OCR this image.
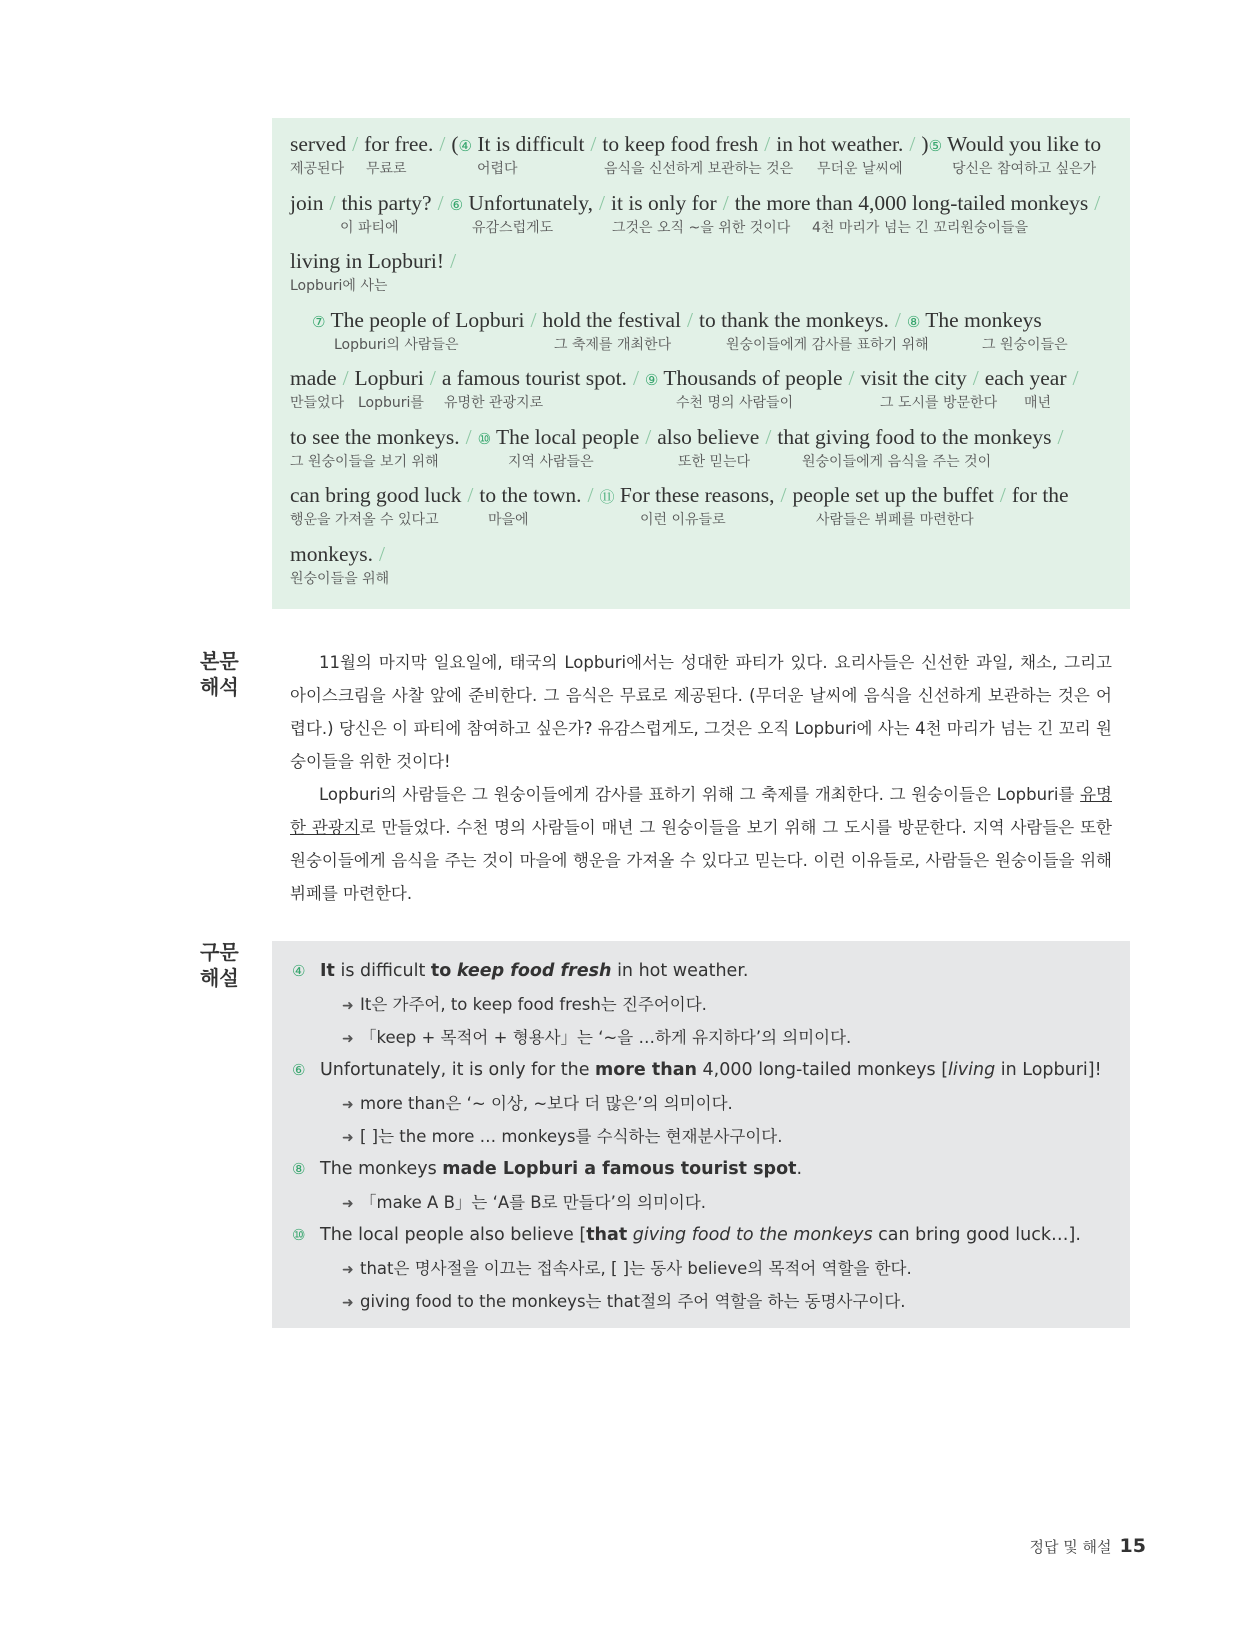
served / for free. / (④ It is difficult / to keep food fresh / in hot weather. / )⑤ Would you like to
제공된다 무료로	어렵다	음식을 신선하게 보관하는 것은 무더운 날씨에	당신은 참여하고 싶은가
join / this party? / ⑥ Unfortunately, / it is only for / the more than 4,000 long-tailed monkeys /
이 파티에	유감스럽게도	그것은 오직 ~을 위한 것이다 4천 마리가 넘는 긴 꼬리원숭이들을
living in Lopburi! /
Lopburi에 사는
⑦ The people of Lopburi / hold the festival / to thank the monkeys. / ⑧ The monkeys
Lopburi의 사람들은	그 축제를 개최한다	원숭이들에게 감사를 표하기 위해	그 원숭이들은
made / Lopburi / a famous tourist spot. / ⑨ Thousands of people / visit the city / each year /
만들었다 Lopburi를 유명한 관광지로	수천 명의 사람들이	그 도시를 방문한다 매년
to see the monkeys. / ⑩ The local people / also believe / that giving food to the monkeys /
그 원숭이들을 보기 위해	지역 사람들은	또한 믿는다	원숭이들에게 음식을 주는 것이
can bring good luck / to the town. / ⑪ For these reasons, / people set up the buffet / for the
행운을 가져올 수 있다고	마을에	이런 이유들로	사람들은 뷔페를 마련한다
monkeys. /
원숭이들을 위해
본문
해석

11월의 마지막 일요일에, 태국의 Lopburi에서는 성대한 파티가 있다. 요리사들은 신선한 과일, 채소, 그리고 아이스크림을 사찰 앞에 준비한다. 그 음식은 무료로 제공된다. (무더운 날씨에 음식을 신선하게 보관하는 것은 어렵다.) 당신은 이 파티에 참여하고 싶은가? 유감스럽게도, 그것은 오직 Lopburi에 사는 4천 마리가 넘는 긴 꼬리 원숭이들을 위한 것이다!

Lopburi의 사람들은 그 원숭이들에게 감사를 표하기 위해 그 축제를 개최한다. 그 원숭이들은 Lopburi를 유명한 관광지로 만들었다. 수천 명의 사람들이 매년 그 원숭이들을 보기 위해 그 도시를 방문한다. 지역 사람들은 또한 원숭이들에게 음식을 주는 것이 마을에 행운을 가져올 수 있다고 믿는다. 이런 이유들로, 사람들은 원숭이들을 위해 뷔페를 마련한다.

구문
해설	④ It is difficult to keep food fresh in hot weather.
➜ It은 가주어, to keep food fresh는 진주어이다.
➜ 「keep + 목적어 + 형용사」는 ‘~을 …하게 유지하다’의 의미이다.
⑥ Unfortunately, it is only for the more than 4,000 long-tailed monkeys [living in Lopburi]!
➜ more than은 ‘~ 이상, ~보다 더 많은’의 의미이다.
➜ [ ]는 the more … monkeys를 수식하는 현재분사구이다.
⑧ The monkeys made Lopburi a famous tourist spot.
➜ 「make A B」는 ‘A를 B로 만들다’의 의미이다.
⑩ The local people also believe [that giving food to the monkeys can bring good luck…].
➜ that은 명사절을 이끄는 접속사로, [ ]는 동사 believe의 목적어 역할을 한다.
➜ giving food to the monkeys는 that절의 주어 역할을 하는 동명사구이다.
정답 및 해설 15
